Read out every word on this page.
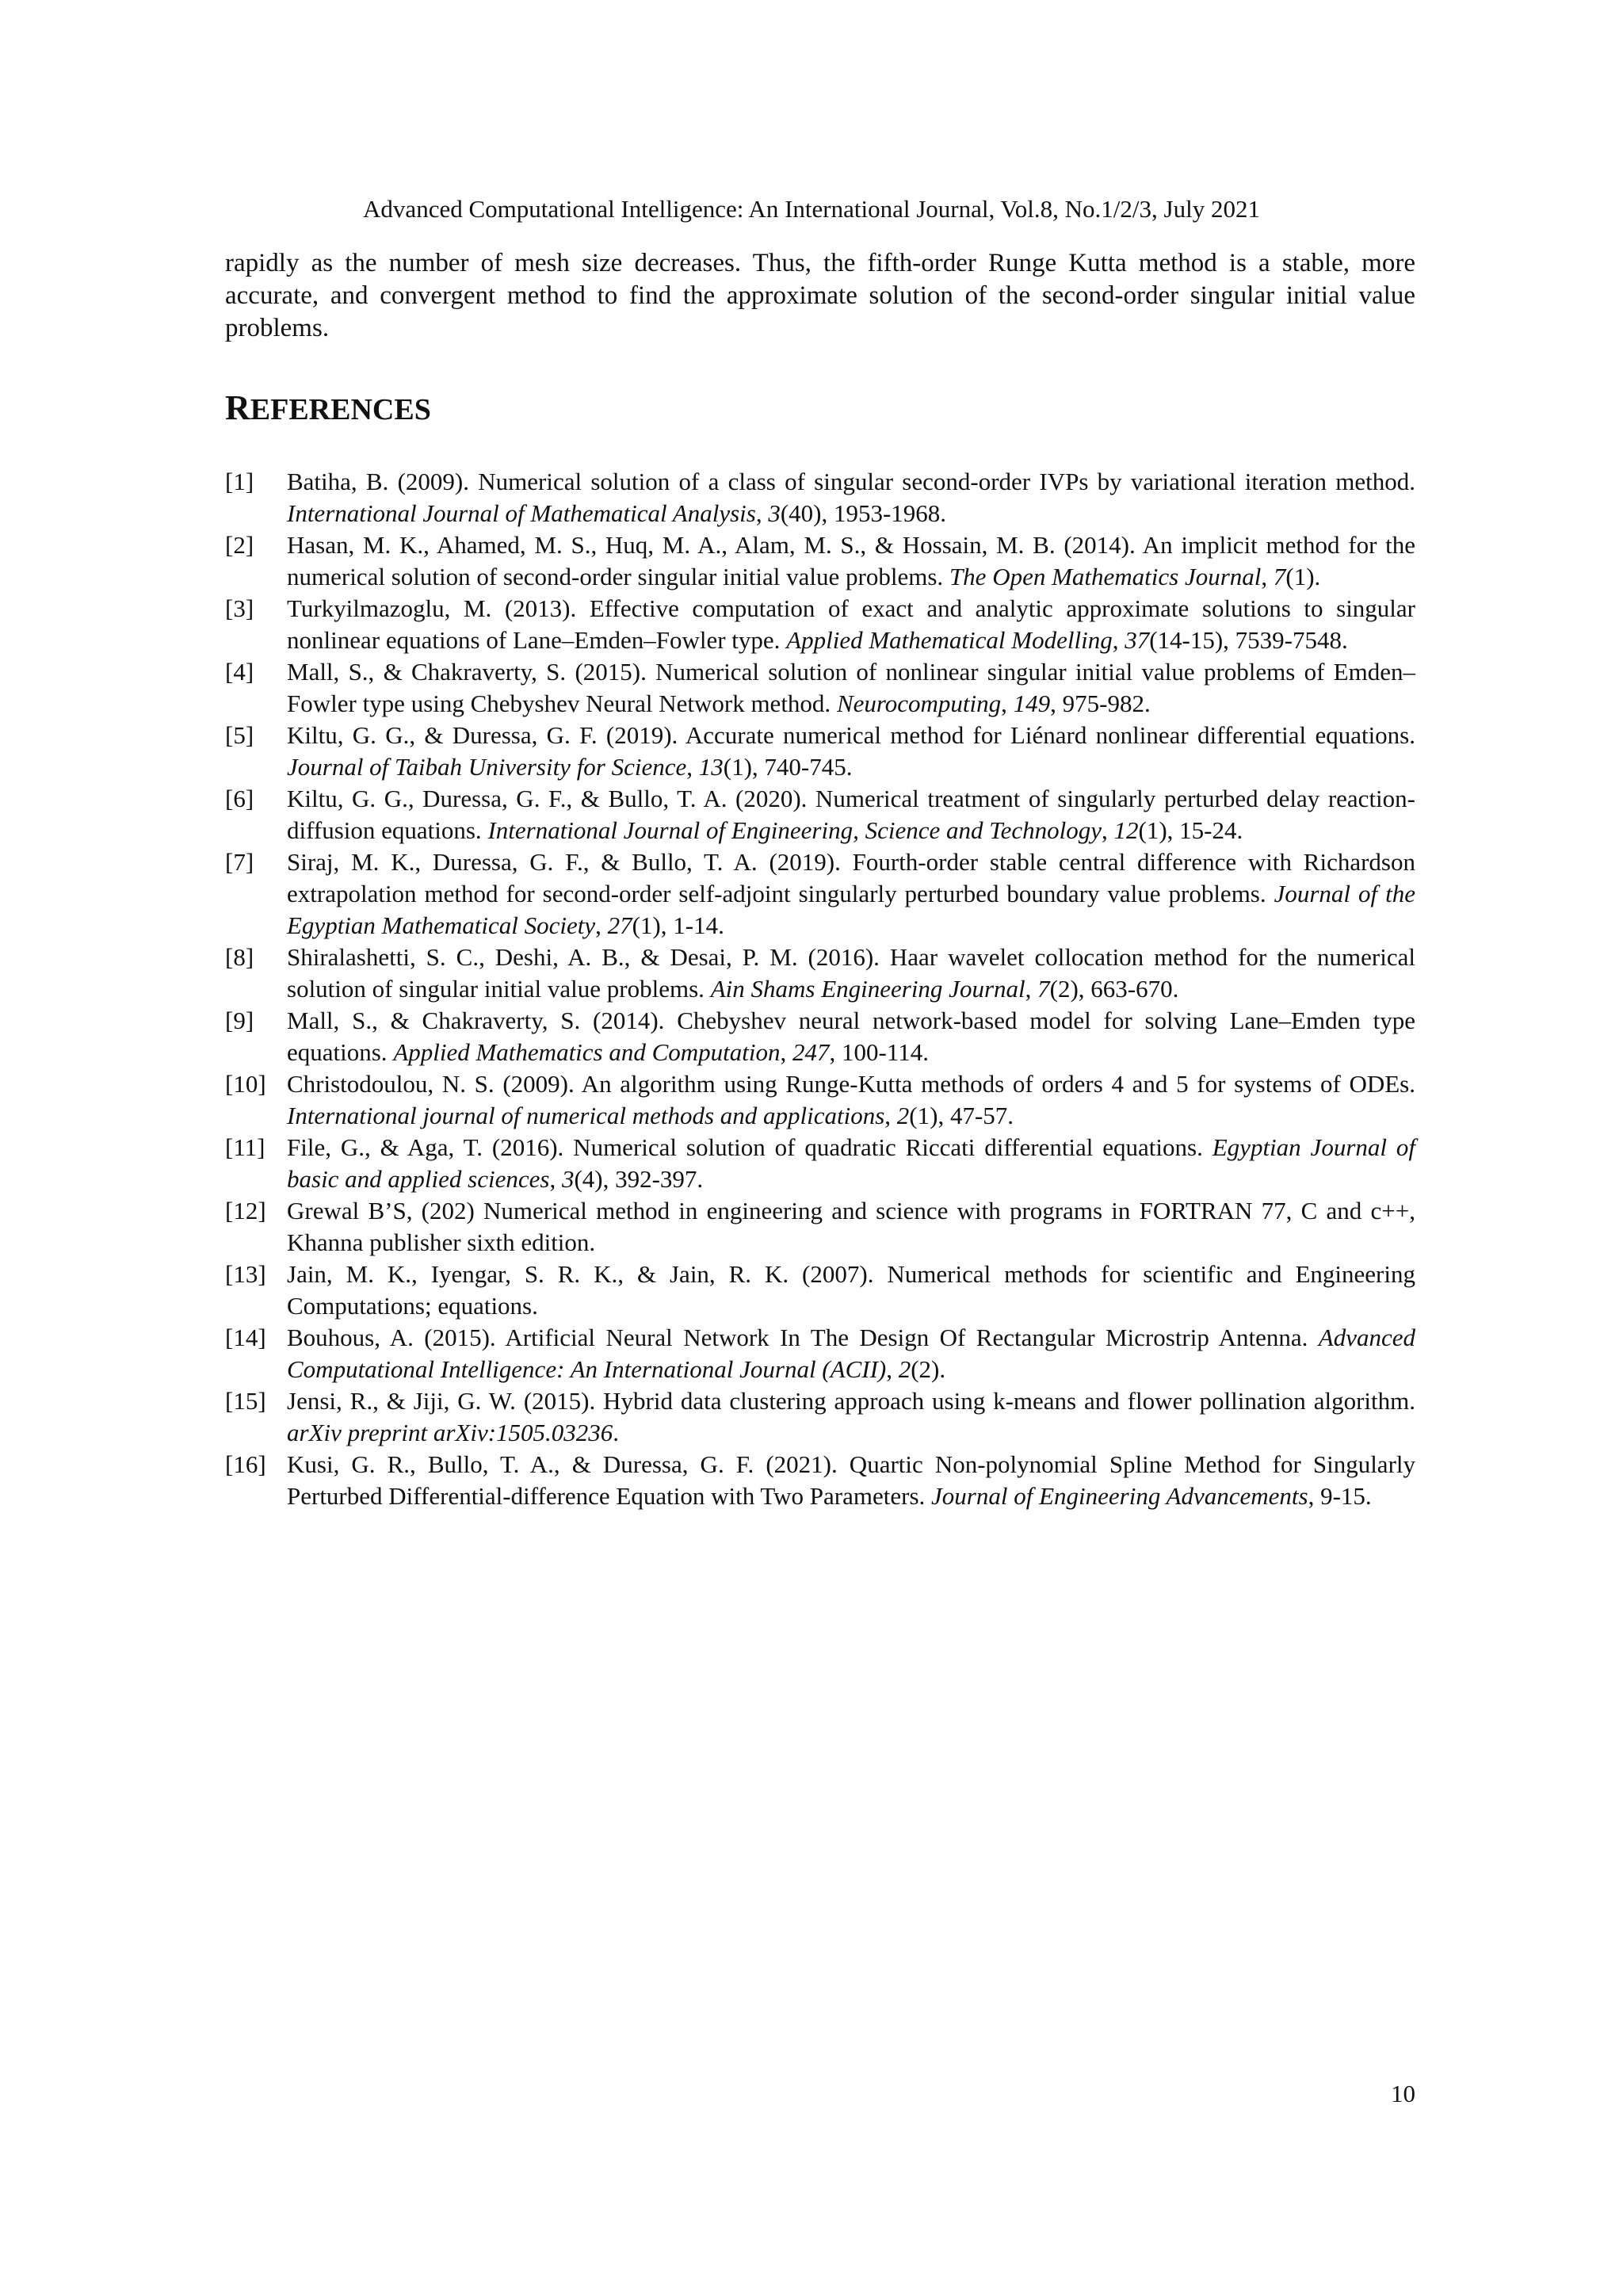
Advanced Computational Intelligence: An International Journal, Vol.8, No.1/2/3, July 2021

rapidly as the number of mesh size decreases. Thus, the fifth-order Runge Kutta method is a stable, more accurate, and convergent method to find the approximate solution of the second-order singular initial value problems.

REFERENCES
[1] Batiha, B. (2009). Numerical solution of a class of singular second-order IVPs by variational iteration method. International Journal of Mathematical Analysis, 3(40), 1953-1968.
[2] Hasan, M. K., Ahamed, M. S., Huq, M. A., Alam, M. S., & Hossain, M. B. (2014). An implicit method for the numerical solution of second-order singular initial value problems. The Open Mathematics Journal, 7(1).
[3] Turkyilmazoglu, M. (2013). Effective computation of exact and analytic approximate solutions to singular nonlinear equations of Lane–Emden–Fowler type. Applied Mathematical Modelling, 37(14-15), 7539-7548.
[4] Mall, S., & Chakraverty, S. (2015). Numerical solution of nonlinear singular initial value problems of Emden–Fowler type using Chebyshev Neural Network method. Neurocomputing, 149, 975-982.
[5] Kiltu, G. G., & Duressa, G. F. (2019). Accurate numerical method for Liénard nonlinear differential equations. Journal of Taibah University for Science, 13(1), 740-745.
[6] Kiltu, G. G., Duressa, G. F., & Bullo, T. A. (2020). Numerical treatment of singularly perturbed delay reaction-diffusion equations. International Journal of Engineering, Science and Technology, 12(1), 15-24.
[7] Siraj, M. K., Duressa, G. F., & Bullo, T. A. (2019). Fourth-order stable central difference with Richardson extrapolation method for second-order self-adjoint singularly perturbed boundary value problems. Journal of the Egyptian Mathematical Society, 27(1), 1-14.
[8] Shiralashetti, S. C., Deshi, A. B., & Desai, P. M. (2016). Haar wavelet collocation method for the numerical solution of singular initial value problems. Ain Shams Engineering Journal, 7(2), 663-670.
[9] Mall, S., & Chakraverty, S. (2014). Chebyshev neural network-based model for solving Lane–Emden type equations. Applied Mathematics and Computation, 247, 100-114.
[10] Christodoulou, N. S. (2009). An algorithm using Runge-Kutta methods of orders 4 and 5 for systems of ODEs. International journal of numerical methods and applications, 2(1), 47-57.
[11] File, G., & Aga, T. (2016). Numerical solution of quadratic Riccati differential equations. Egyptian Journal of basic and applied sciences, 3(4), 392-397.
[12] Grewal B’S, (202) Numerical method in engineering and science with programs in FORTRAN 77, C and c++, Khanna publisher sixth edition.
[13] Jain, M. K., Iyengar, S. R. K., & Jain, R. K. (2007). Numerical methods for scientific and Engineering Computations; equations.
[14] Bouhous, A. (2015). Artificial Neural Network In The Design Of Rectangular Microstrip Antenna. Advanced Computational Intelligence: An International Journal (ACII), 2(2).
[15] Jensi, R., & Jiji, G. W. (2015). Hybrid data clustering approach using k-means and flower pollination algorithm. arXiv preprint arXiv:1505.03236.
[16] Kusi, G. R., Bullo, T. A., & Duressa, G. F. (2021). Quartic Non-polynomial Spline Method for Singularly Perturbed Differential-difference Equation with Two Parameters. Journal of Engineering Advancements, 9-15.
10
